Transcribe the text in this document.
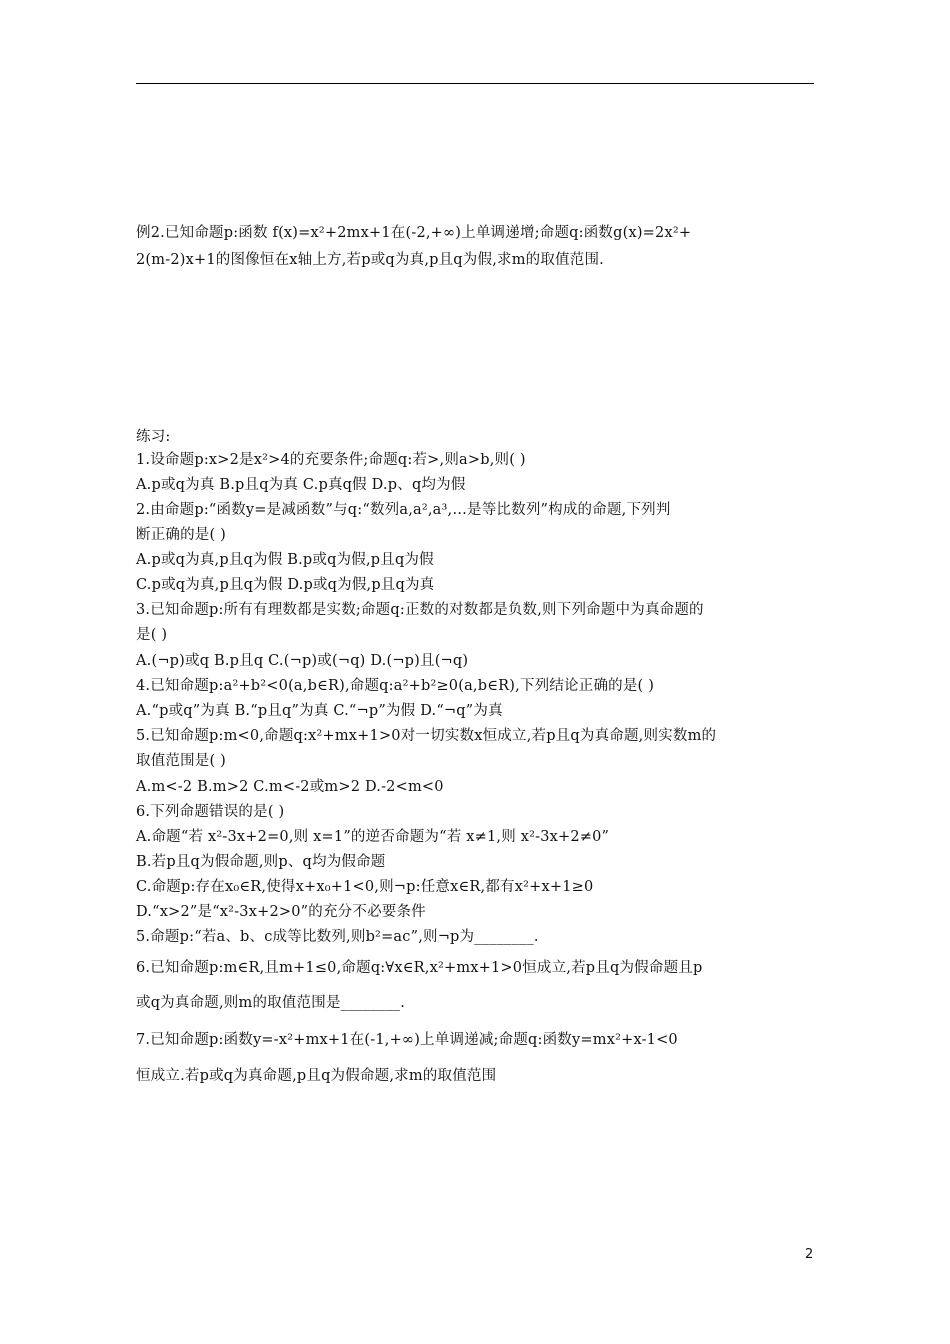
例2.已知命题p:函数 f(x)=x²+2mx+1在(-2,+∞)上单调递增;命题q:函数g(x)=2x²+
2(m-2)x+1的图像恒在x轴上方,若p或q为真,p且q为假,求m的取值范围.
练习:
1.设命题p:x>2是x²>4的充要条件;命题q:若>,则a>b,则( )
A.p或q为真 B.p且q为真 C.p真q假 D.p、q均为假
2.由命题p:“函数y=是减函数”与q:“数列a,a²,a³,…是等比数列”构成的命题,下列判
断正确的是( )
A.p或q为真,p且q为假 B.p或q为假,p且q为假
C.p或q为真,p且q为假 D.p或q为假,p且q为真
3.已知命题p:所有有理数都是实数;命题q:正数的对数都是负数,则下列命题中为真命题的
是( )
A.(¬p)或q B.p且q C.(¬p)或(¬q) D.(¬p)且(¬q)
4.已知命题p:a²+b²<0(a,b∈R),命题q:a²+b²≥0(a,b∈R),下列结论正确的是( )
A.“p或q”为真 B.“p且q”为真 C.“¬p”为假 D.“¬q”为真
5.已知命题p:m<0,命题q:x²+mx+1>0对一切实数x恒成立,若p且q为真命题,则实数m的
取值范围是( )
A.m<-2 B.m>2 C.m<-2或m>2 D.-2<m<0
6.下列命题错误的是( )
A.命题“若 x²-3x+2=0,则 x=1”的逆否命题为“若 x≠1,则 x²-3x+2≠0”
B.若p且q为假命题,则p、q均为假命题
C.命题p:存在x₀∈R,使得x+x₀+1<0,则¬p:任意x∈R,都有x²+x+1≥0
D.“x>2”是“x²-3x+2>0”的充分不必要条件
5.命题p:“若a、b、c成等比数列,则b²=ac”,则¬p为________.
6.已知命题p:m∈R,且m+1≤0,命题q:∀x∈R,x²+mx+1>0恒成立,若p且q为假命题且p
或q为真命题,则m的取值范围是________.
7.已知命题p:函数y=-x²+mx+1在(-1,+∞)上单调递减;命题q:函数y=mx²+x-1<0
恒成立.若p或q为真命题,p且q为假命题,求m的取值范围
2
